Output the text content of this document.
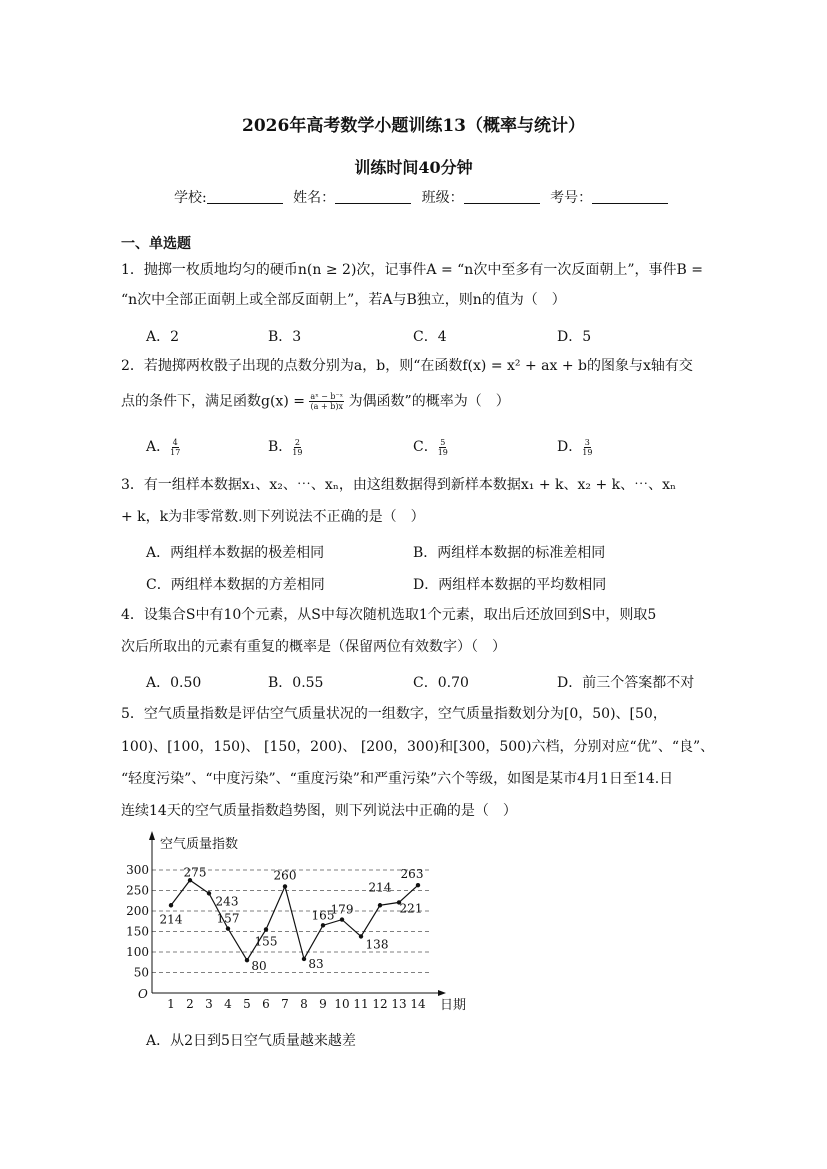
2026年高考数学小题训练13（概率与统计）
训练时间40分钟
学校:	姓名：	班级：	考号：
一、单选题
1．抛掷一枚质地均匀的硬币n(n ≥ 2)次，记事件A = “n次中至多有一次反面朝上”，事件B =
“n次中全部正面朝上或全部反面朝上”，若A与B独立，则n的值为（　）
A．2	B．3	C．4	D．5
2．若抛掷两枚骰子出现的点数分别为a，b，则“在函数f(x) = x² + ax + b的图象与x轴有交
点的条件下，满足函数$g(x) = \frac{\text{aˣ − b⁻ˣ}}{(a + b)x}$ 为偶函数”的概率为（　）
A． $\frac{4}{17}$	B． $\frac{2}{19}$	C． $\frac{5}{19}$	D． $\frac{3}{19}$
3．有一组样本数据x₁、x₂、⋯、xₙ，由这组数据得到新样本数据x₁ + k、x₂ + k、⋯、xₙ
+ k，k为非零常数.则下列说法不正确的是（　）
A．两组样本数据的极差相同	B．两组样本数据的标准差相同
C．两组样本数据的方差相同	D．两组样本数据的平均数相同
4．设集合S中有10个元素，从S中每次随机选取1个元素，取出后还放回到S中，则取5
次后所取出的元素有重复的概率是（保留两位有效数字）（　）
A．0.50	B．0.55	C．0.70	D．前三个答案都不对
5．空气质量指数是评估空气质量状况的一组数字，空气质量指数划分为[0，50)、[50，
100)、[100，150)、 [150，200)、 [200，300)和[300，500)六档，分别对应“优”、“良”、
“轻度污染”、“中度污染”、“重度污染”和严重污染”六个等级，如图是某市4月1日至14.日
连续14天的空气质量指数趋势图，则下列说法中正确的是（　）
50
100
150
200
250
300
空气质量指数
日期
O
1 2 3 4 5 6 7 8 9 10 11 12 13 14
214
275
243
157
80
155
260
83
165
179
138
214
221
263
A．从2日到5日空气质量越来越差
